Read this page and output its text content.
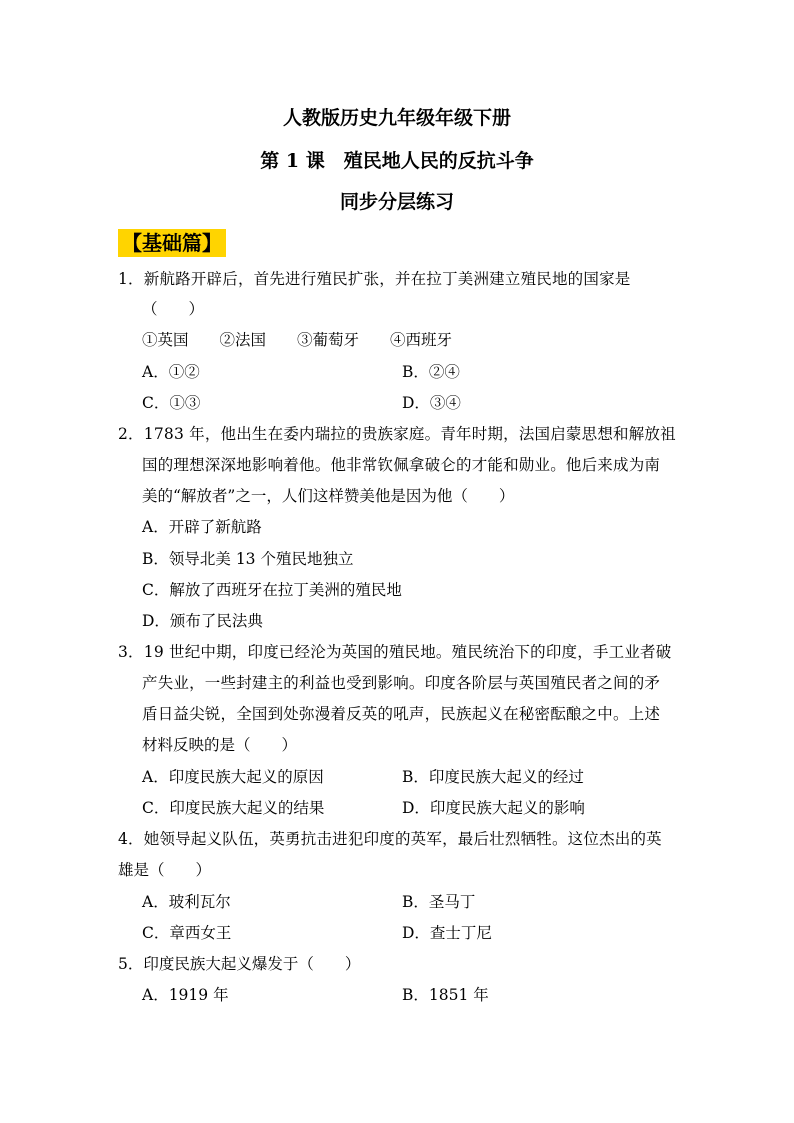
人教版历史九年级年级下册
第 1 课　殖民地人民的反抗斗争
同步分层练习
【基础篇】
1．新航路开辟后，首先进行殖民扩张，并在拉丁美洲建立殖民地的国家是
（　　）
①英国　　②法国　　③葡萄牙　　④西班牙
A．①②	B．②④
C．①③	D．③④
2．1783 年，他出生在委内瑞拉的贵族家庭。青年时期，法国启蒙思想和解放祖
国的理想深深地影响着他。他非常钦佩拿破仑的才能和勋业。他后来成为南
美的“解放者”之一，人们这样赞美他是因为他（　　）
A．开辟了新航路
B．领导北美 13 个殖民地独立
C．解放了西班牙在拉丁美洲的殖民地
D．颁布了民法典
3．19 世纪中期，印度已经沦为英国的殖民地。殖民统治下的印度，手工业者破
产失业，一些封建主的利益也受到影响。印度各阶层与英国殖民者之间的矛
盾日益尖锐，全国到处弥漫着反英的吼声，民族起义在秘密酝酿之中。上述
材料反映的是（　　）
A．印度民族大起义的原因	B．印度民族大起义的经过
C．印度民族大起义的结果	D．印度民族大起义的影响
4．她领导起义队伍，英勇抗击进犯印度的英军，最后壮烈牺牲。这位杰出的英
雄是（　　）
A．玻利瓦尔	B．圣马丁
C．章西女王	D．查士丁尼
5．印度民族大起义爆发于（　　）
A．1919 年	B．1851 年
